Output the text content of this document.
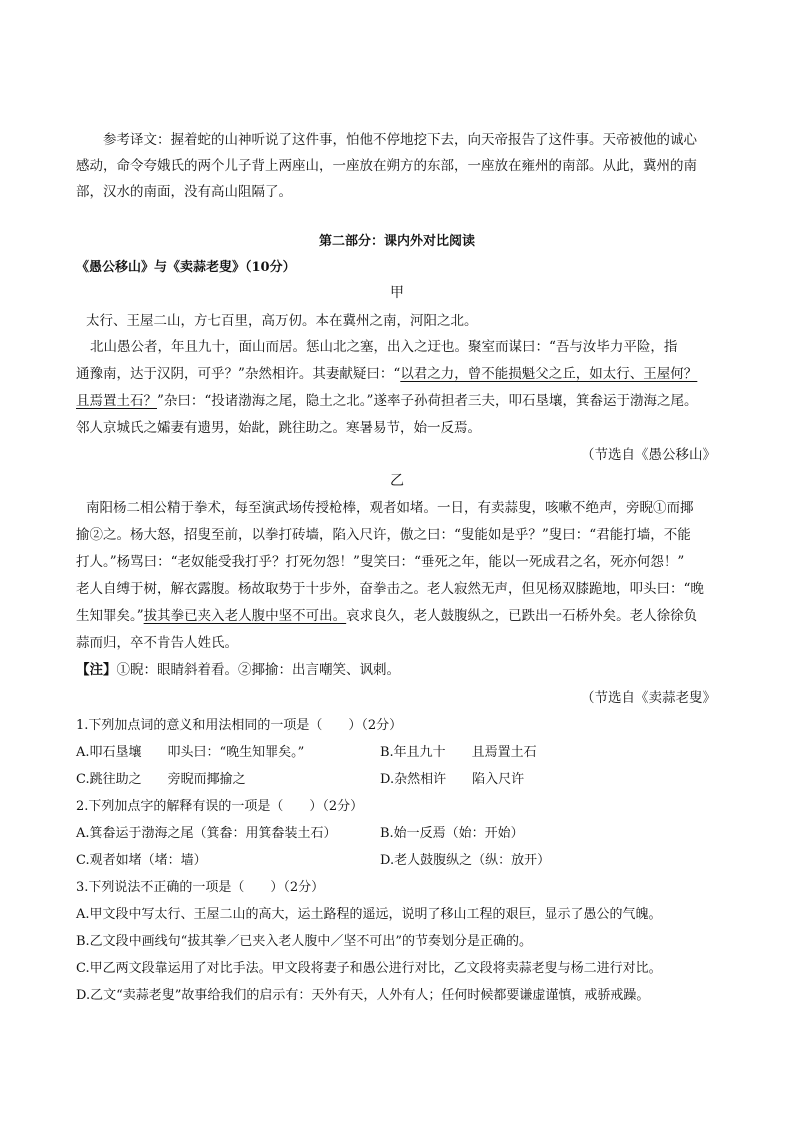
参考译文：握着蛇的山神听说了这件事，怕他不停地挖下去，向天帝报告了这件事。天帝被他的诚心
感动，命令夸娥氏的两个儿子背上两座山，一座放在朔方的东部，一座放在雍州的南部。从此，冀州的南
部，汉水的南面，没有高山阻隔了。
第二部分：课内外对比阅读
《愚公移山》与《卖蒜老叟》（10分）
甲
太行、王屋二山，方七百里，高万仞。本在冀州之南，河阳之北。
北山愚公者，年且九十，面山而居。惩山北之塞，出入之迂也。聚室而谋曰：“吾与汝毕力平险，指
通豫南，达于汉阴，可乎？”杂然相许。其妻献疑曰：“以君之力，曾不能损魁父之丘，如太行、王屋何？
且焉置土石？”杂曰：“投诸渤海之尾，隐土之北。”遂率子孙荷担者三夫，叩石垦壤，箕畚运于渤海之尾。
邻人京城氏之孀妻有遗男，始龀，跳往助之。寒暑易节，始一反焉。
（节选自《愚公移山》
乙
南阳杨二相公精于拳术，每至演武场传授枪棒，观者如堵。一日，有卖蒜叟，咳嗽不绝声，旁睨①而揶
揄②之。杨大怒，招叟至前，以拳打砖墙，陷入尺许，傲之曰：“叟能如是乎？”叟曰：“君能打墙，不能
打人。”杨骂曰：“老奴能受我打乎？打死勿怨！”叟笑曰：“垂死之年，能以一死成君之名，死亦何怨！”
老人自缚于树，解衣露腹。杨故取势于十步外，奋拳击之。老人寂然无声，但见杨双膝跪地，叩头曰：“晚
生知罪矣。”拔其拳已夹入老人腹中坚不可出。哀求良久，老人鼓腹纵之，已跌出一石桥外矣。老人徐徐负
蒜而归，卒不肯告人姓氏。
【注】①睨：眼睛斜着看。②揶揄：出言嘲笑、讽刺。
（节选自《卖蒜老叟》
1.下列加点词的意义和用法相同的一项是（　　）（2分）
A.叩石垦壤　　叩头曰：“晚生知罪矣。”	B.年且九十　　且焉置土石
C.跳往助之　　旁睨而揶揄之	D.杂然相许　　陷入尺许
2.下列加点字的解释有误的一项是（　　）（2分）
A.箕畚运于渤海之尾（箕畚：用箕畚装土石）	B.始一反焉（始：开始）
C.观者如堵（堵：墙）	D.老人鼓腹纵之（纵：放开）
3.下列说法不正确的一项是（　　）（2分）
A.甲文段中写太行、王屋二山的高大，运土路程的遥远，说明了移山工程的艰巨，显示了愚公的气魄。
B.乙文段中画线句“拔其拳／已夹入老人腹中／坚不可出”的节奏划分是正确的。
C.甲乙两文段靠运用了对比手法。甲文段将妻子和愚公进行对比，乙文段将卖蒜老叟与杨二进行对比。
D.乙文“卖蒜老叟”故事给我们的启示有：天外有天，人外有人；任何时候都要谦虚谨慎，戒骄戒躁。
